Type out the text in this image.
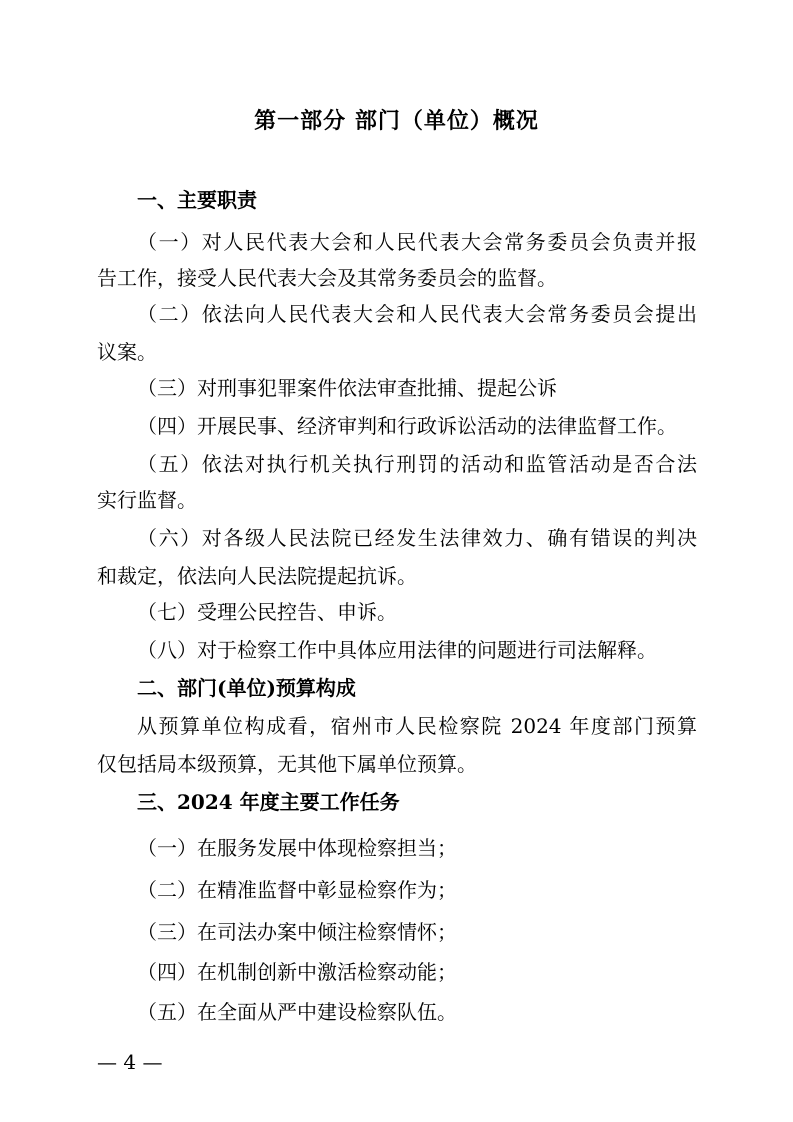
第一部分 部门（单位）概况
一、主要职责
（一）对人民代表大会和人民代表大会常务委员会负责并报
告工作，接受人民代表大会及其常务委员会的监督。
（二）依法向人民代表大会和人民代表大会常务委员会提出
议案。
（三）对刑事犯罪案件依法审查批捕、提起公诉
（四）开展民事、经济审判和行政诉讼活动的法律监督工作。
（五）依法对执行机关执行刑罚的活动和监管活动是否合法
实行监督。
（六）对各级人民法院已经发生法律效力、确有错误的判决
和裁定，依法向人民法院提起抗诉。
（七）受理公民控告、申诉。
（八）对于检察工作中具体应用法律的问题进行司法解释。
二、部门(单位)预算构成
从预算单位构成看，宿州市人民检察院 2024 年度部门预算
仅包括局本级预算，无其他下属单位预算。
三、2024 年度主要工作任务
（一）在服务发展中体现检察担当；
（二）在精准监督中彰显检察作为；
（三）在司法办案中倾注检察情怀；
（四）在机制创新中激活检察动能；
（五）在全面从严中建设检察队伍。
— 4 —
